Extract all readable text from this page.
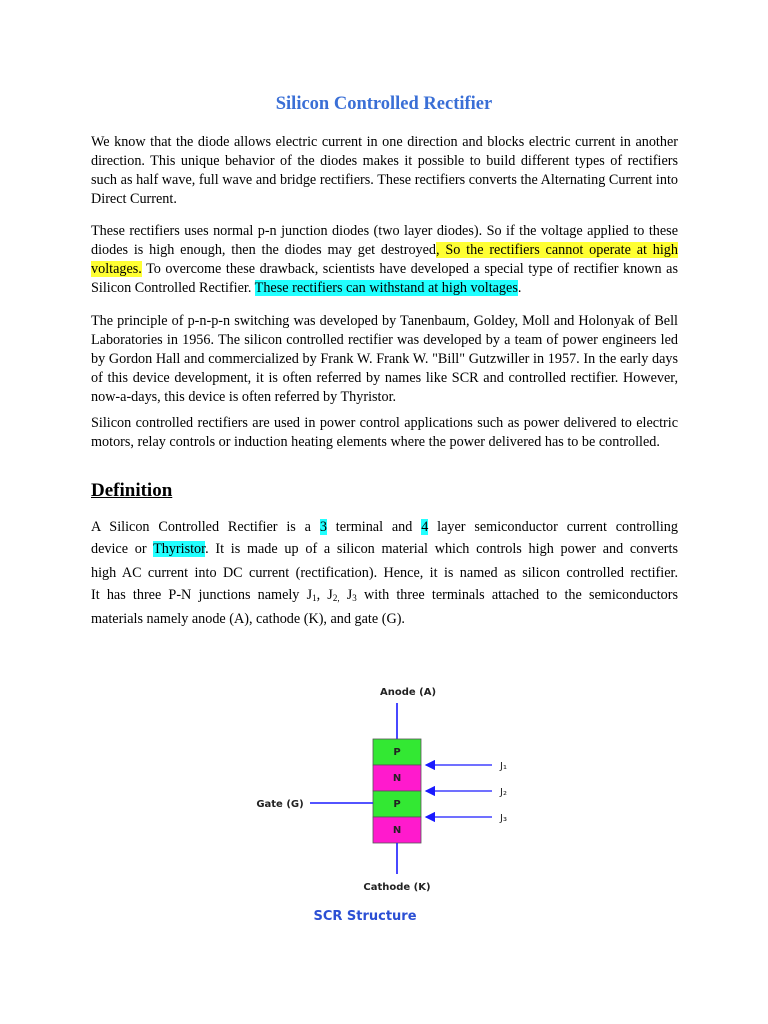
Silicon Controlled Rectifier

We know that the diode allows electric current in one direction and blocks electric current in another direction. This unique behavior of the diodes makes it possible to build different types of rectifiers such as half wave, full wave and bridge rectifiers. These rectifiers converts the Alternating Current into Direct Current.

These rectifiers uses normal p-n junction diodes (two layer diodes). So if the voltage applied to these diodes is high enough, then the diodes may get destroyed, So the rectifiers cannot operate at high voltages. To overcome these drawback, scientists have developed a special type of rectifier known as Silicon Controlled Rectifier. These rectifiers can withstand at high voltages.

The principle of p-n-p-n switching was developed by Tanenbaum, Goldey, Moll and Holonyak of Bell Laboratories in 1956. The silicon controlled rectifier was developed by a team of power engineers led by Gordon Hall and commercialized by Frank W. Frank W. "Bill" Gutzwiller in 1957. In the early days of this device development, it is often referred by names like SCR and controlled rectifier. However, now-a-days, this device is often referred by Thyristor.

Silicon controlled rectifiers are used in power control applications such as power delivered to electric motors, relay controls or induction heating elements where the power delivered has to be controlled.

Definition
A Silicon Controlled Rectifier is a 3 terminal and 4 layer semiconductor current controlling
device or Thyristor. It is made up of a silicon material which controls high power and converts
high AC current into DC current (rectification). Hence, it is named as silicon controlled rectifier.
It has three P-N junctions namely $J_1$, $J_{2,}$ $J_3$ with three terminals attached to the semiconductors
materials namely anode (A), cathode (K), and gate (G).
Anode (A)
P
N
P
N
Cathode (K)
Gate (G)
J₁
J₂
J₃
SCR Structure
